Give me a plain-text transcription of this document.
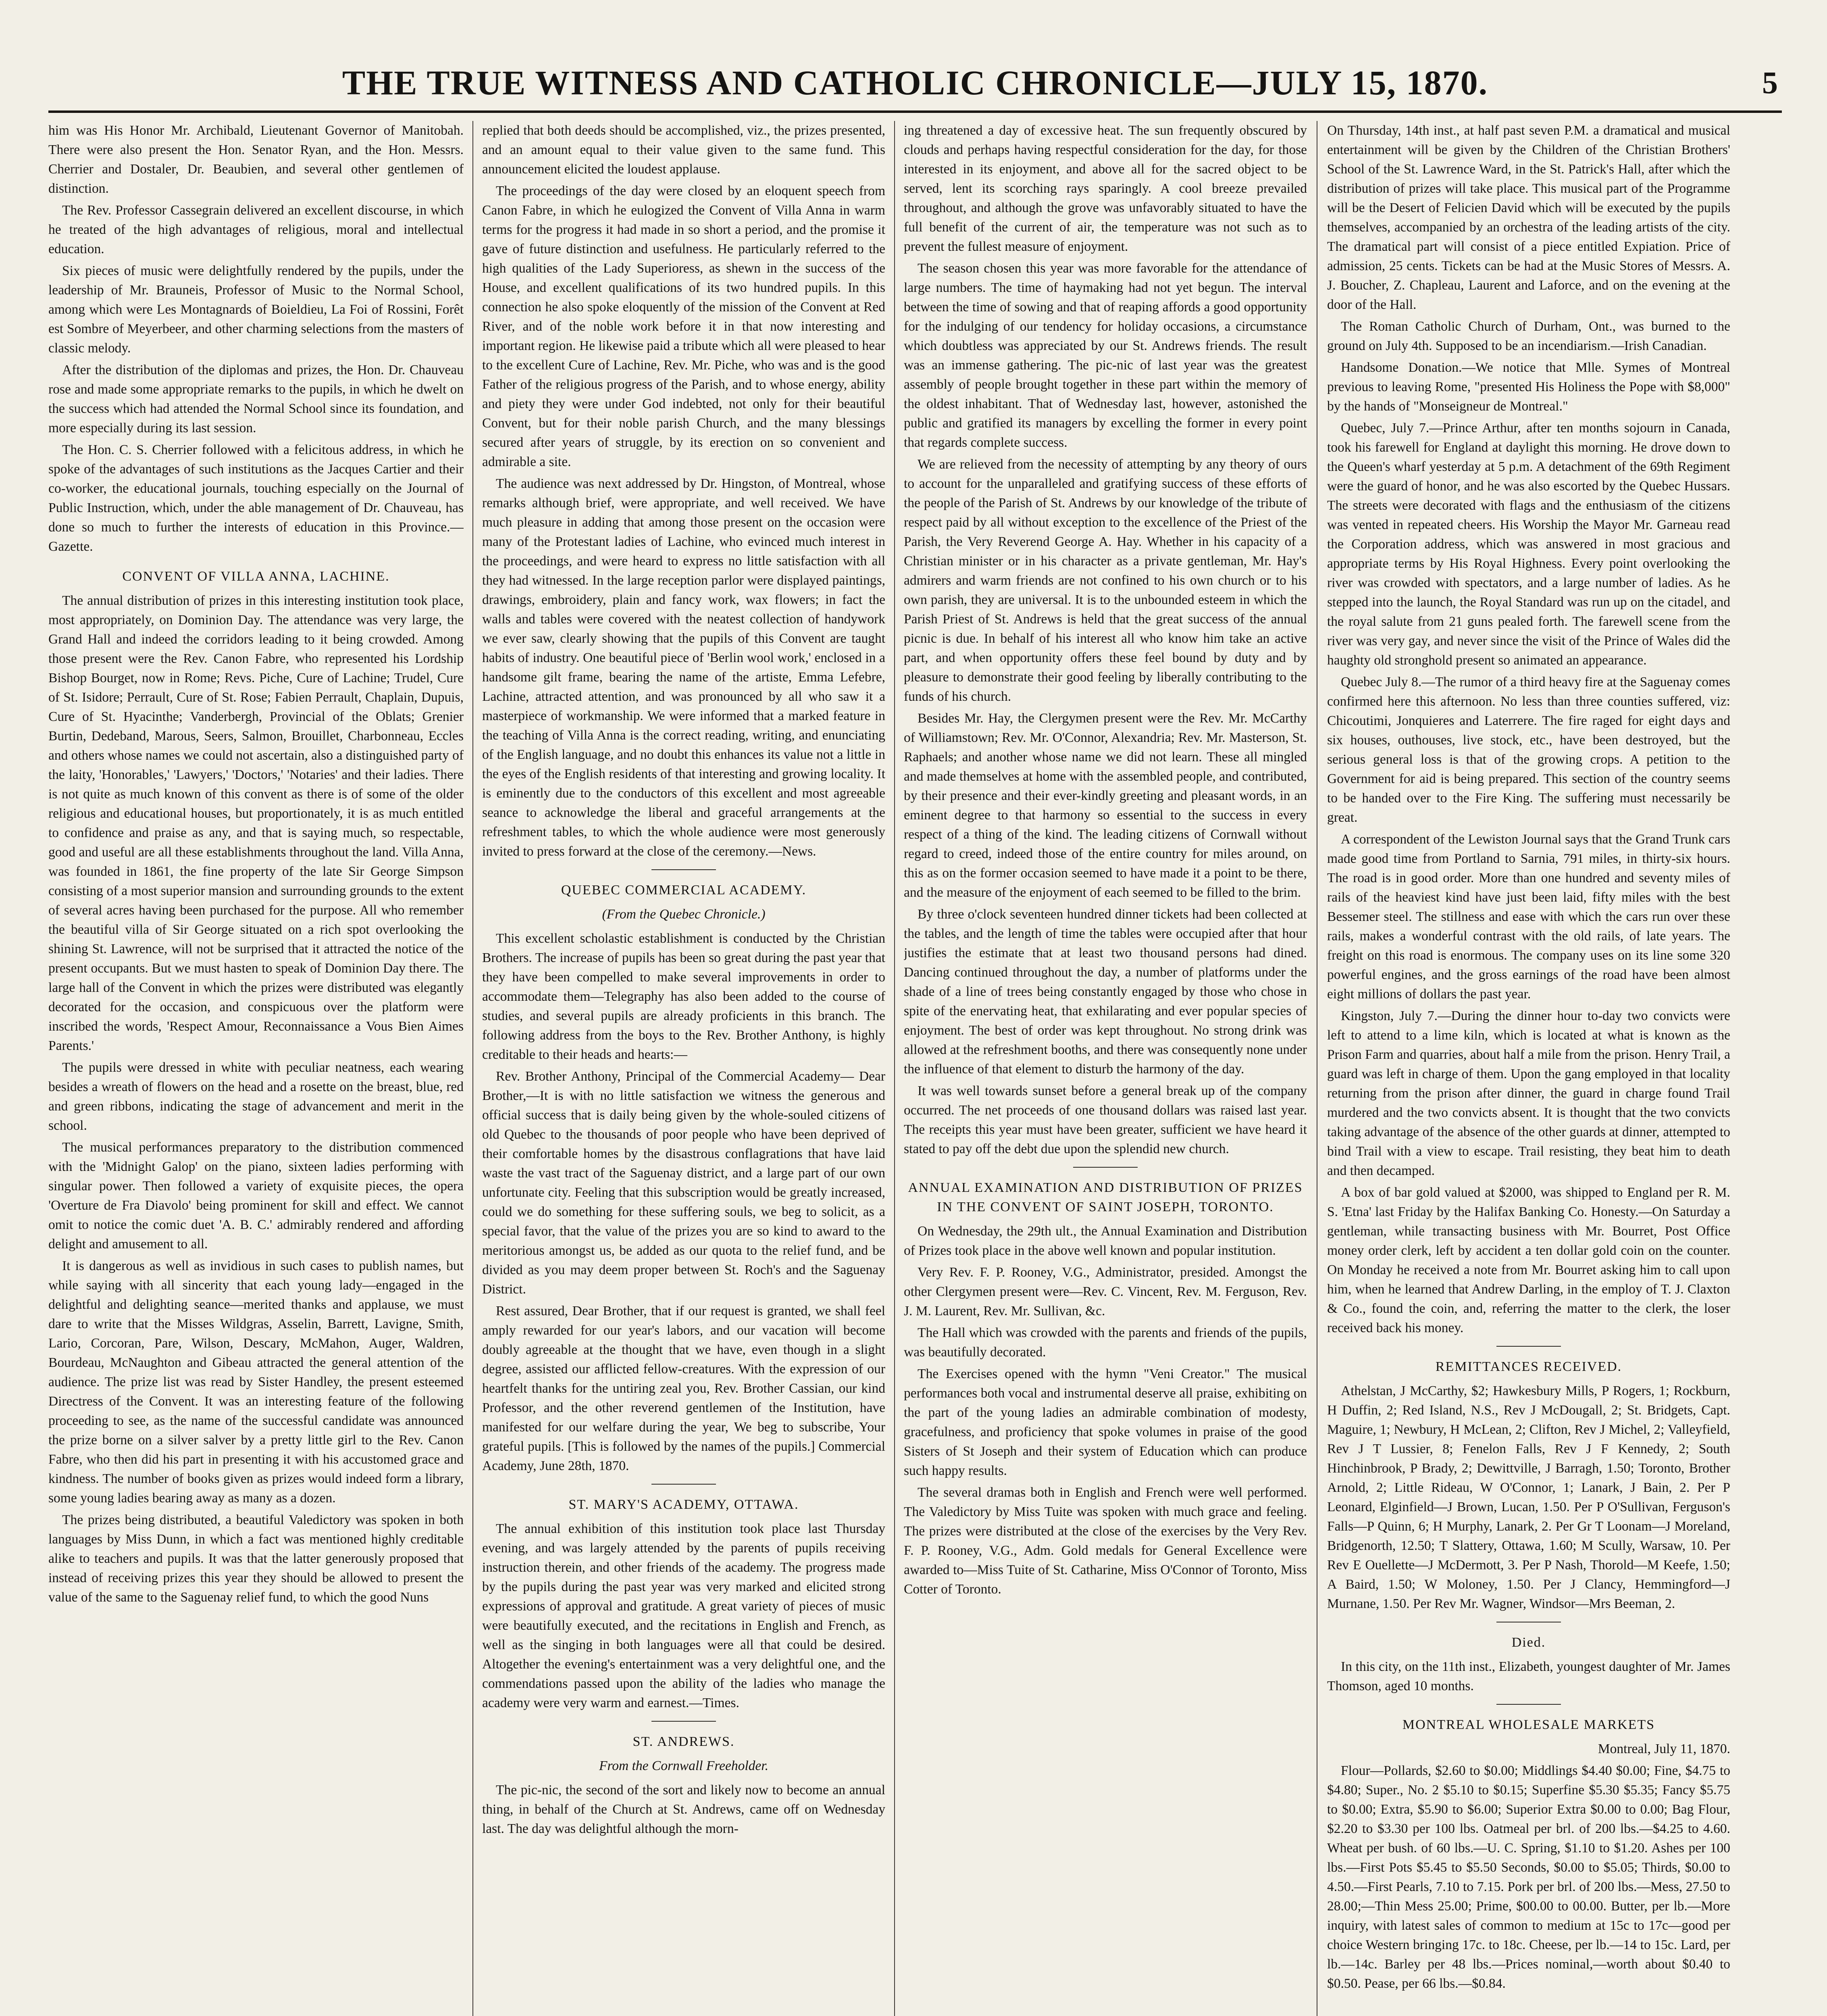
THE TRUE WITNESS AND CATHOLIC CHRONICLE—JULY 15, 1870.	5

him was His Honor Mr. Archibald, Lieutenant Governor of Manitobah. There were also present the Hon. Senator Ryan, and the Hon. Messrs. Cherrier and Dostaler, Dr. Beaubien, and several other gentlemen of distinction.

The Rev. Professor Cassegrain delivered an excellent discourse, in which he treated of the high advantages of religious, moral and intellectual education.

Six pieces of music were delightfully rendered by the pupils, under the leadership of Mr. Brauneis, Professor of Music to the Normal School, among which were Les Montagnards of Boieldieu, La Foi of Rossini, Forêt est Sombre of Meyerbeer, and other charming selections from the masters of classic melody.

After the distribution of the diplomas and prizes, the Hon. Dr. Chauveau rose and made some appropriate remarks to the pupils, in which he dwelt on the success which had attended the Normal School since its foundation, and more especially during its last session.

The Hon. C. S. Cherrier followed with a felicitous address, in which he spoke of the advantages of such institutions as the Jacques Cartier and their co-worker, the educational journals, touching especially on the Journal of Public Instruction, which, under the able management of Dr. Chauveau, has done so much to further the interests of education in this Province.—Gazette.

CONVENT OF VILLA ANNA, LACHINE.

The annual distribution of prizes in this interesting institution took place, most appropriately, on Dominion Day. The attendance was very large, the Grand Hall and indeed the corridors leading to it being crowded. Among those present were the Rev. Canon Fabre, who represented his Lordship Bishop Bourget, now in Rome; Revs. Piche, Cure of Lachine; Trudel, Cure of St. Isidore; Perrault, Cure of St. Rose; Fabien Perrault, Chaplain, Dupuis, Cure of St. Hyacinthe; Vanderbergh, Provincial of the Oblats; Grenier Burtin, Dedeband, Marous, Seers, Salmon, Brouillet, Charbonneau, Eccles and others whose names we could not ascertain, also a distinguished party of the laity, 'Honorables,' 'Lawyers,' 'Doctors,' 'Notaries' and their ladies. There is not quite as much known of this convent as there is of some of the older religious and educational houses, but proportionately, it is as much entitled to confidence and praise as any, and that is saying much, so respectable, good and useful are all these establishments throughout the land. Villa Anna, was founded in 1861, the fine property of the late Sir George Simpson consisting of a most superior mansion and surrounding grounds to the extent of several acres having been purchased for the purpose. All who remember the beautiful villa of Sir George situated on a rich spot overlooking the shining St. Lawrence, will not be surprised that it attracted the notice of the present occupants. But we must hasten to speak of Dominion Day there. The large hall of the Convent in which the prizes were distributed was elegantly decorated for the occasion, and conspicuous over the platform were inscribed the words, 'Respect Amour, Reconnaissance a Vous Bien Aimes Parents.'

The pupils were dressed in white with peculiar neatness, each wearing besides a wreath of flowers on the head and a rosette on the breast, blue, red and green ribbons, indicating the stage of advancement and merit in the school.

The musical performances preparatory to the distribution commenced with the 'Midnight Galop' on the piano, sixteen ladies performing with singular power. Then followed a variety of exquisite pieces, the opera 'Overture de Fra Diavolo' being prominent for skill and effect. We cannot omit to notice the comic duet 'A. B. C.' admirably rendered and affording delight and amusement to all.

It is dangerous as well as invidious in such cases to publish names, but while saying with all sincerity that each young lady—engaged in the delightful and delighting seance—merited thanks and applause, we must dare to write that the Misses Wildgras, Asselin, Barrett, Lavigne, Smith, Lario, Corcoran, Pare, Wilson, Descary, McMahon, Auger, Waldren, Bourdeau, McNaughton and Gibeau attracted the general attention of the audience. The prize list was read by Sister Handley, the present esteemed Directress of the Convent. It was an interesting feature of the following proceeding to see, as the name of the successful candidate was announced the prize borne on a silver salver by a pretty little girl to the Rev. Canon Fabre, who then did his part in presenting it with his accustomed grace and kindness. The number of books given as prizes would indeed form a library, some young ladies bearing away as many as a dozen.

The prizes being distributed, a beautiful Valedictory was spoken in both languages by Miss Dunn, in which a fact was mentioned highly creditable alike to teachers and pupils. It was that the latter generously proposed that instead of receiving prizes this year they should be allowed to present the value of the same to the Saguenay relief fund, to which the good Nuns

replied that both deeds should be accomplished, viz., the prizes presented, and an amount equal to their value given to the same fund. This announcement elicited the loudest applause.

The proceedings of the day were closed by an eloquent speech from Canon Fabre, in which he eulogized the Convent of Villa Anna in warm terms for the progress it had made in so short a period, and the promise it gave of future distinction and usefulness. He particularly referred to the high qualities of the Lady Superioress, as shewn in the success of the House, and excellent qualifications of its two hundred pupils. In this connection he also spoke eloquently of the mission of the Convent at Red River, and of the noble work before it in that now interesting and important region. He likewise paid a tribute which all were pleased to hear to the excellent Cure of Lachine, Rev. Mr. Piche, who was and is the good Father of the religious progress of the Parish, and to whose energy, ability and piety they were under God indebted, not only for their beautiful Convent, but for their noble parish Church, and the many blessings secured after years of struggle, by its erection on so convenient and admirable a site.

The audience was next addressed by Dr. Hingston, of Montreal, whose remarks although brief, were appropriate, and well received. We have much pleasure in adding that among those present on the occasion were many of the Protestant ladies of Lachine, who evinced much interest in the proceedings, and were heard to express no little satisfaction with all they had witnessed. In the large reception parlor were displayed paintings, drawings, embroidery, plain and fancy work, wax flowers; in fact the walls and tables were covered with the neatest collection of handywork we ever saw, clearly showing that the pupils of this Convent are taught habits of industry. One beautiful piece of 'Berlin wool work,' enclosed in a handsome gilt frame, bearing the name of the artiste, Emma Lefebre, Lachine, attracted attention, and was pronounced by all who saw it a masterpiece of workmanship. We were informed that a marked feature in the teaching of Villa Anna is the correct reading, writing, and enunciating of the English language, and no doubt this enhances its value not a little in the eyes of the English residents of that interesting and growing locality. It is eminently due to the conductors of this excellent and most agreeable seance to acknowledge the liberal and graceful arrangements at the refreshment tables, to which the whole audience were most generously invited to press forward at the close of the ceremony.—News.

QUEBEC COMMERCIAL ACADEMY.
(From the Quebec Chronicle.)

This excellent scholastic establishment is conducted by the Christian Brothers. The increase of pupils has been so great during the past year that they have been compelled to make several improvements in order to accommodate them—Telegraphy has also been added to the course of studies, and several pupils are already proficients in this branch. The following address from the boys to the Rev. Brother Anthony, is highly creditable to their heads and hearts:—

Rev. Brother Anthony, Principal of the Commercial Academy— Dear Brother,—It is with no little satisfaction we witness the generous and official success that is daily being given by the whole-souled citizens of old Quebec to the thousands of poor people who have been deprived of their comfortable homes by the disastrous conflagrations that have laid waste the vast tract of the Saguenay district, and a large part of our own unfortunate city. Feeling that this subscription would be greatly increased, could we do something for these suffering souls, we beg to solicit, as a special favor, that the value of the prizes you are so kind to award to the meritorious amongst us, be added as our quota to the relief fund, and be divided as you may deem proper between St. Roch's and the Saguenay District.

Rest assured, Dear Brother, that if our request is granted, we shall feel amply rewarded for our year's labors, and our vacation will become doubly agreeable at the thought that we have, even though in a slight degree, assisted our afflicted fellow-creatures. With the expression of our heartfelt thanks for the untiring zeal you, Rev. Brother Cassian, our kind Professor, and the other reverend gentlemen of the Institution, have manifested for our welfare during the year, We beg to subscribe, Your grateful pupils. [This is followed by the names of the pupils.] Commercial Academy, June 28th, 1870.

ST. MARY'S ACADEMY, OTTAWA.

The annual exhibition of this institution took place last Thursday evening, and was largely attended by the parents of pupils receiving instruction therein, and other friends of the academy. The progress made by the pupils during the past year was very marked and elicited strong expressions of approval and gratitude. A great variety of pieces of music were beautifully executed, and the recitations in English and French, as well as the singing in both languages were all that could be desired. Altogether the evening's entertainment was a very delightful one, and the commendations passed upon the ability of the ladies who manage the academy were very warm and earnest.—Times.

ST. ANDREWS.
From the Cornwall Freeholder.

The pic-nic, the second of the sort and likely now to become an annual thing, in behalf of the Church at St. Andrews, came off on Wednesday last. The day was delightful although the morn-

ing threatened a day of excessive heat. The sun frequently obscured by clouds and perhaps having respectful consideration for the day, for those interested in its enjoyment, and above all for the sacred object to be served, lent its scorching rays sparingly. A cool breeze prevailed throughout, and although the grove was unfavorably situated to have the full benefit of the current of air, the temperature was not such as to prevent the fullest measure of enjoyment.

The season chosen this year was more favorable for the attendance of large numbers. The time of haymaking had not yet begun. The interval between the time of sowing and that of reaping affords a good opportunity for the indulging of our tendency for holiday occasions, a circumstance which doubtless was appreciated by our St. Andrews friends. The result was an immense gathering. The pic-nic of last year was the greatest assembly of people brought together in these part within the memory of the oldest inhabitant. That of Wednesday last, however, astonished the public and gratified its managers by excelling the former in every point that regards complete success.

We are relieved from the necessity of attempting by any theory of ours to account for the unparalleled and gratifying success of these efforts of the people of the Parish of St. Andrews by our knowledge of the tribute of respect paid by all without exception to the excellence of the Priest of the Parish, the Very Reverend George A. Hay. Whether in his capacity of a Christian minister or in his character as a private gentleman, Mr. Hay's admirers and warm friends are not confined to his own church or to his own parish, they are universal. It is to the unbounded esteem in which the Parish Priest of St. Andrews is held that the great success of the annual picnic is due. In behalf of his interest all who know him take an active part, and when opportunity offers these feel bound by duty and by pleasure to demonstrate their good feeling by liberally contributing to the funds of his church.

Besides Mr. Hay, the Clergymen present were the Rev. Mr. McCarthy of Williamstown; Rev. Mr. O'Connor, Alexandria; Rev. Mr. Masterson, St. Raphaels; and another whose name we did not learn. These all mingled and made themselves at home with the assembled people, and contributed, by their presence and their ever-kindly greeting and pleasant words, in an eminent degree to that harmony so essential to the success in every respect of a thing of the kind. The leading citizens of Cornwall without regard to creed, indeed those of the entire country for miles around, on this as on the former occasion seemed to have made it a point to be there, and the measure of the enjoyment of each seemed to be filled to the brim.

By three o'clock seventeen hundred dinner tickets had been collected at the tables, and the length of time the tables were occupied after that hour justifies the estimate that at least two thousand persons had dined. Dancing continued throughout the day, a number of platforms under the shade of a line of trees being constantly engaged by those who chose in spite of the enervating heat, that exhilarating and ever popular species of enjoyment. The best of order was kept throughout. No strong drink was allowed at the refreshment booths, and there was consequently none under the influence of that element to disturb the harmony of the day.

It was well towards sunset before a general break up of the company occurred. The net proceeds of one thousand dollars was raised last year. The receipts this year must have been greater, sufficient we have heard it stated to pay off the debt due upon the splendid new church.

ANNUAL EXAMINATION AND DISTRIBUTION OF PRIZES IN THE CONVENT OF SAINT JOSEPH, TORONTO.

On Wednesday, the 29th ult., the Annual Examination and Distribution of Prizes took place in the above well known and popular institution.

Very Rev. F. P. Rooney, V.G., Administrator, presided. Amongst the other Clergymen present were—Rev. C. Vincent, Rev. M. Ferguson, Rev. J. M. Laurent, Rev. Mr. Sullivan, &c.

The Hall which was crowded with the parents and friends of the pupils, was beautifully decorated.

The Exercises opened with the hymn "Veni Creator." The musical performances both vocal and instrumental deserve all praise, exhibiting on the part of the young ladies an admirable combination of modesty, gracefulness, and proficiency that spoke volumes in praise of the good Sisters of St Joseph and their system of Education which can produce such happy results.

The several dramas both in English and French were well performed. The Valedictory by Miss Tuite was spoken with much grace and feeling. The prizes were distributed at the close of the exercises by the Very Rev. F. P. Rooney, V.G., Adm. Gold medals for General Excellence were awarded to—Miss Tuite of St. Catharine, Miss O'Connor of Toronto, Miss Cotter of Toronto.

On Thursday, 14th inst., at half past seven P.M. a dramatical and musical entertainment will be given by the Children of the Christian Brothers' School of the St. Lawrence Ward, in the St. Patrick's Hall, after which the distribution of prizes will take place. This musical part of the Programme will be the Desert of Felicien David which will be executed by the pupils themselves, accompanied by an orchestra of the leading artists of the city. The dramatical part will consist of a piece entitled Expiation. Price of admission, 25 cents. Tickets can be had at the Music Stores of Messrs. A. J. Boucher, Z. Chapleau, Laurent and Laforce, and on the evening at the door of the Hall.

The Roman Catholic Church of Durham, Ont., was burned to the ground on July 4th. Supposed to be an incendiarism.—Irish Canadian.

Handsome Donation.—We notice that Mlle. Symes of Montreal previous to leaving Rome, "presented His Holiness the Pope with $8,000" by the hands of "Monseigneur de Montreal."

Quebec, July 7.—Prince Arthur, after ten months sojourn in Canada, took his farewell for England at daylight this morning. He drove down to the Queen's wharf yesterday at 5 p.m. A detachment of the 69th Regiment were the guard of honor, and he was also escorted by the Quebec Hussars. The streets were decorated with flags and the enthusiasm of the citizens was vented in repeated cheers. His Worship the Mayor Mr. Garneau read the Corporation address, which was answered in most gracious and appropriate terms by His Royal Highness. Every point overlooking the river was crowded with spectators, and a large number of ladies. As he stepped into the launch, the Royal Standard was run up on the citadel, and the royal salute from 21 guns pealed forth. The farewell scene from the river was very gay, and never since the visit of the Prince of Wales did the haughty old stronghold present so animated an appearance.

Quebec July 8.—The rumor of a third heavy fire at the Saguenay comes confirmed here this afternoon. No less than three counties suffered, viz: Chicoutimi, Jonquieres and Laterrere. The fire raged for eight days and six houses, outhouses, live stock, etc., have been destroyed, but the serious general loss is that of the growing crops. A petition to the Government for aid is being prepared. This section of the country seems to be handed over to the Fire King. The suffering must necessarily be great.

A correspondent of the Lewiston Journal says that the Grand Trunk cars made good time from Portland to Sarnia, 791 miles, in thirty-six hours. The road is in good order. More than one hundred and seventy miles of rails of the heaviest kind have just been laid, fifty miles with the best Bessemer steel. The stillness and ease with which the cars run over these rails, makes a wonderful contrast with the old rails, of late years. The freight on this road is enormous. The company uses on its line some 320 powerful engines, and the gross earnings of the road have been almost eight millions of dollars the past year.

Kingston, July 7.—During the dinner hour to-day two convicts were left to attend to a lime kiln, which is located at what is known as the Prison Farm and quarries, about half a mile from the prison. Henry Trail, a guard was left in charge of them. Upon the gang employed in that locality returning from the prison after dinner, the guard in charge found Trail murdered and the two convicts absent. It is thought that the two convicts taking advantage of the absence of the other guards at dinner, attempted to bind Trail with a view to escape. Trail resisting, they beat him to death and then decamped.

A box of bar gold valued at $2000, was shipped to England per R. M. S. 'Etna' last Friday by the Halifax Banking Co. Honesty.—On Saturday a gentleman, while transacting business with Mr. Bourret, Post Office money order clerk, left by accident a ten dollar gold coin on the counter. On Monday he received a note from Mr. Bourret asking him to call upon him, when he learned that Andrew Darling, in the employ of T. J. Claxton & Co., found the coin, and, referring the matter to the clerk, the loser received back his money.

REMITTANCES RECEIVED.

Athelstan, J McCarthy, $2; Hawkesbury Mills, P Rogers, 1; Rockburn, H Duffin, 2; Red Island, N.S., Rev J McDougall, 2; St. Bridgets, Capt. Maguire, 1; Newbury, H McLean, 2; Clifton, Rev J Michel, 2; Valleyfield, Rev J T Lussier, 8; Fenelon Falls, Rev J F Kennedy, 2; South Hinchinbrook, P Brady, 2; Dewittville, J Barragh, 1.50; Toronto, Brother Arnold, 2; Little Rideau, W O'Connor, 1; Lanark, J Bain, 2. Per P Leonard, Elginfield—J Brown, Lucan, 1.50. Per P O'Sullivan, Ferguson's Falls—P Quinn, 6; H Murphy, Lanark, 2. Per Gr T Loonam—J Moreland, Bridgenorth, 12.50; T Slattery, Ottawa, 1.60; M Scully, Warsaw, 10. Per Rev E Ouellette—J McDermott, 3. Per P Nash, Thorold—M Keefe, 1.50; A Baird, 1.50; W Moloney, 1.50. Per J Clancy, Hemmingford—J Murnane, 1.50. Per Rev Mr. Wagner, Windsor—Mrs Beeman, 2.

Died.

In this city, on the 11th inst., Elizabeth, youngest daughter of Mr. James Thomson, aged 10 months.

MONTREAL WHOLESALE MARKETS

Montreal, July 11, 1870.

Flour—Pollards, $2.60 to $0.00; Middlings $4.40 $0.00; Fine, $4.75 to $4.80; Super., No. 2 $5.10 to $0.15; Superfine $5.30 $5.35; Fancy $5.75 to $0.00; Extra, $5.90 to $6.00; Superior Extra $0.00 to 0.00; Bag Flour, $2.20 to $3.30 per 100 lbs. Oatmeal per brl. of 200 lbs.—$4.25 to 4.60. Wheat per bush. of 60 lbs.—U. C. Spring, $1.10 to $1.20. Ashes per 100 lbs.—First Pots $5.45 to $5.50 Seconds, $0.00 to $5.05; Thirds, $0.00 to 4.50.—First Pearls, 7.10 to 7.15. Pork per brl. of 200 lbs.—Mess, 27.50 to 28.00;—Thin Mess 25.00; Prime, $00.00 to 00.00. Butter, per lb.—More inquiry, with latest sales of common to medium at 15c to 17c—good per choice Western bringing 17c. to 18c. Cheese, per lb.—14 to 15c. Lard, per lb.—14c. Barley per 48 lbs.—Prices nominal,—worth about $0.40 to $0.50. Pease, per 66 lbs.—$0.84.
